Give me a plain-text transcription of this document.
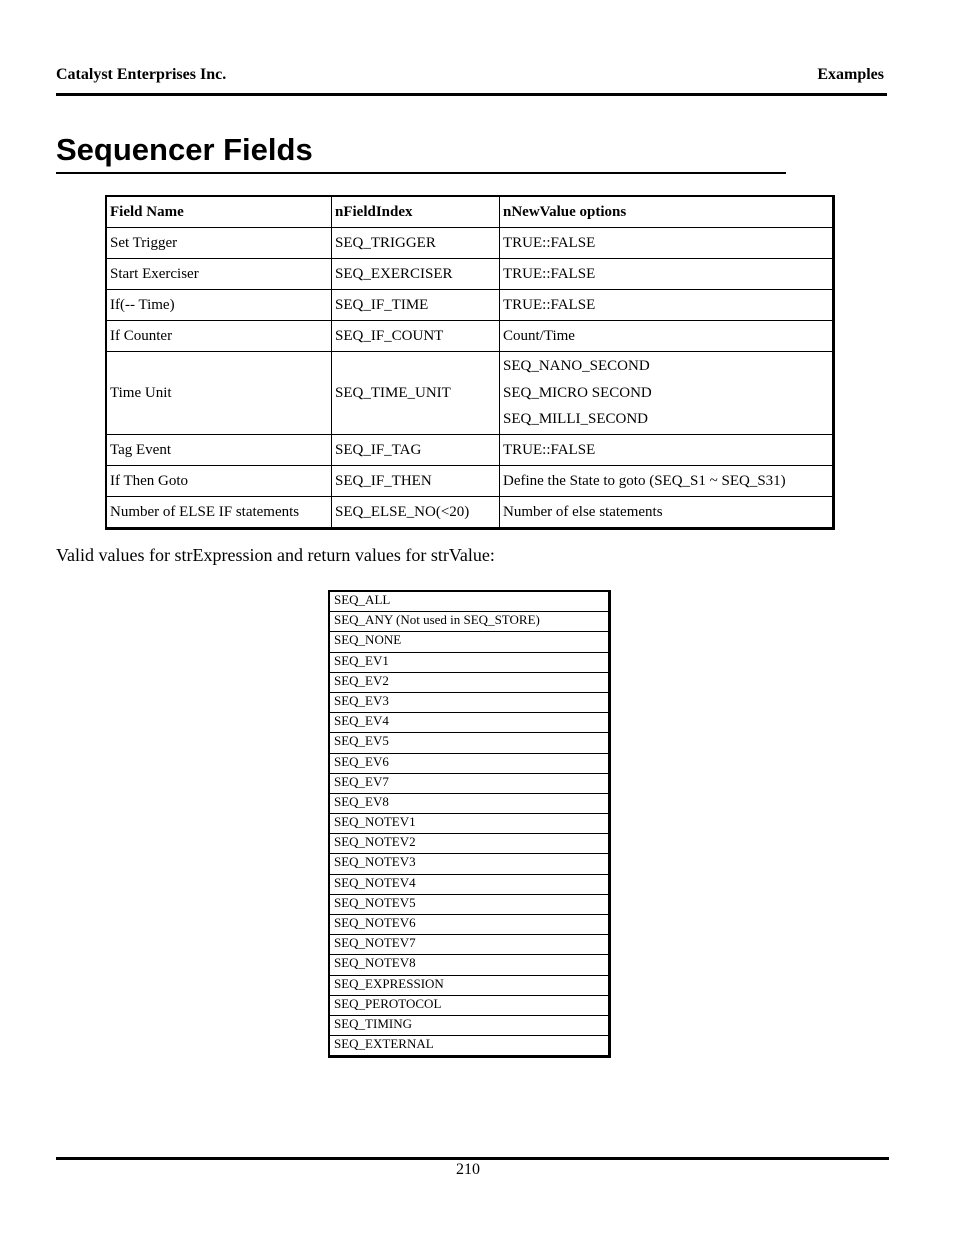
Catalyst Enterprises Inc.	Examples
Sequencer Fields
Field Name	nFieldIndex	nNewValue options
Set Trigger	SEQ_TRIGGER	TRUE::FALSE

Start Exerciser	SEQ_EXERCISER	TRUE::FALSE

If(-- Time)	SEQ_IF_TIME	TRUE::FALSE

If Counter	SEQ_IF_COUNT	Count/Time

Time Unit	SEQ_TIME_UNIT	SEQ_NANO_SECOND
SEQ_MICRO SECOND
SEQ_MILLI_SECOND

Tag Event	SEQ_IF_TAG	TRUE::FALSE

If Then Goto	SEQ_IF_THEN	Define the State to goto (SEQ_S1 ~ SEQ_S31)

Number of ELSE IF statements	SEQ_ELSE_NO(<20)	Number of else statements
Valid values for strExpression and return values for strValue:
SEQ_ALL
SEQ_ANY (Not used in SEQ_STORE)
SEQ_NONE
SEQ_EV1
SEQ_EV2
SEQ_EV3
SEQ_EV4
SEQ_EV5
SEQ_EV6
SEQ_EV7
SEQ_EV8
SEQ_NOTEV1
SEQ_NOTEV2
SEQ_NOTEV3
SEQ_NOTEV4
SEQ_NOTEV5
SEQ_NOTEV6
SEQ_NOTEV7
SEQ_NOTEV8
SEQ_EXPRESSION
SEQ_PEROTOCOL
SEQ_TIMING
SEQ_EXTERNAL
210
